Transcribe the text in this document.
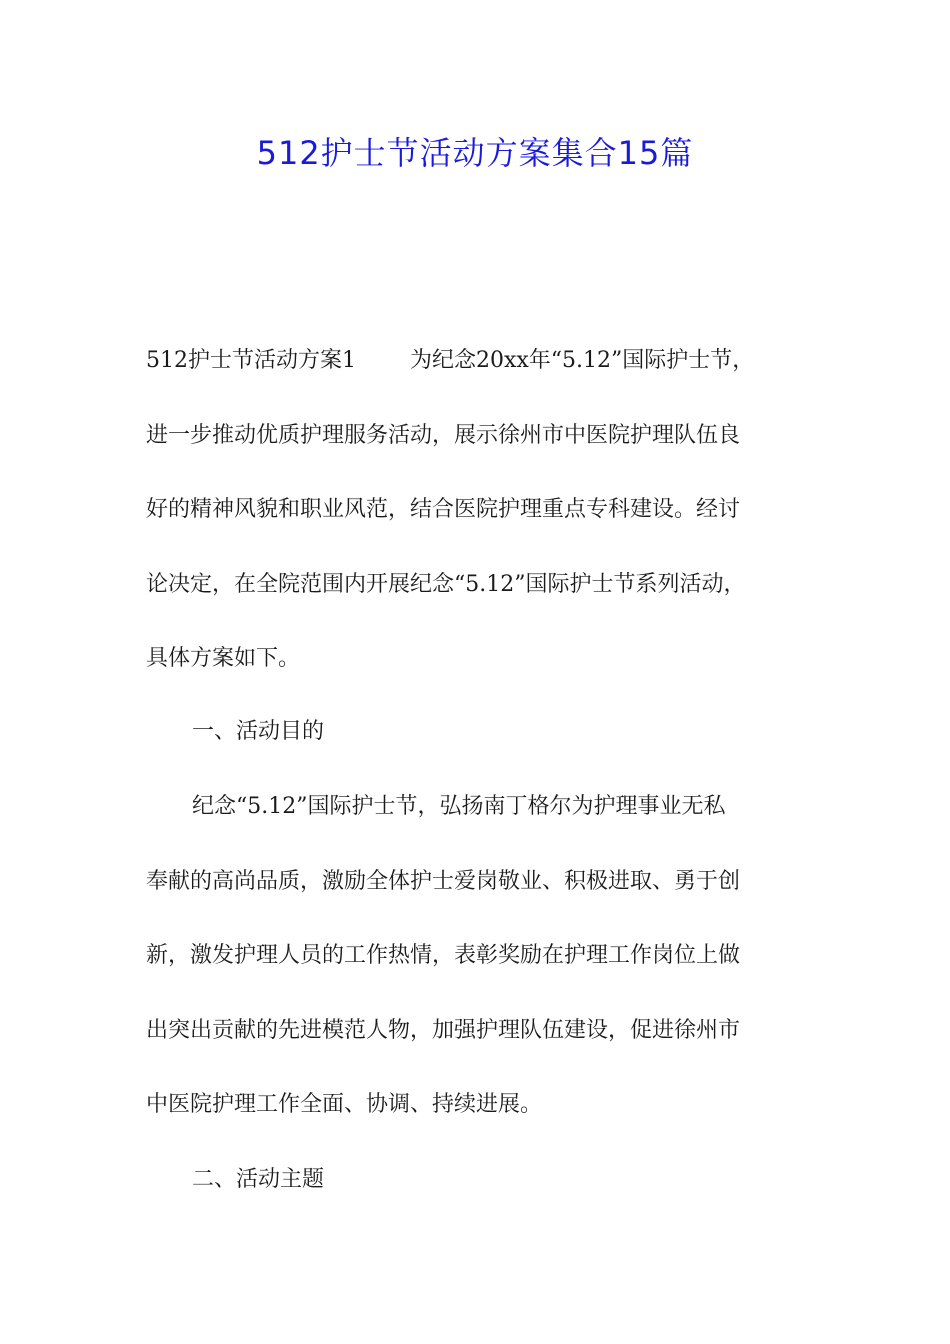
512护士节活动方案集合15篇
512护士节活动方案1 为纪念20xx年“5.12”国际护士节，
进一步推动优质护理服务活动，展示徐州市中医院护理队伍良
好的精神风貌和职业风范，结合医院护理重点专科建设。经讨
论决定，在全院范围内开展纪念“5.12”国际护士节系列活动，
具体方案如下。
一、活动目的
纪念“5.12”国际护士节，弘扬南丁格尔为护理事业无私
奉献的高尚品质，激励全体护士爱岗敬业、积极进取、勇于创
新，激发护理人员的工作热情，表彰奖励在护理工作岗位上做
出突出贡献的先进模范人物，加强护理队伍建设，促进徐州市
中医院护理工作全面、协调、持续进展。
二、活动主题
